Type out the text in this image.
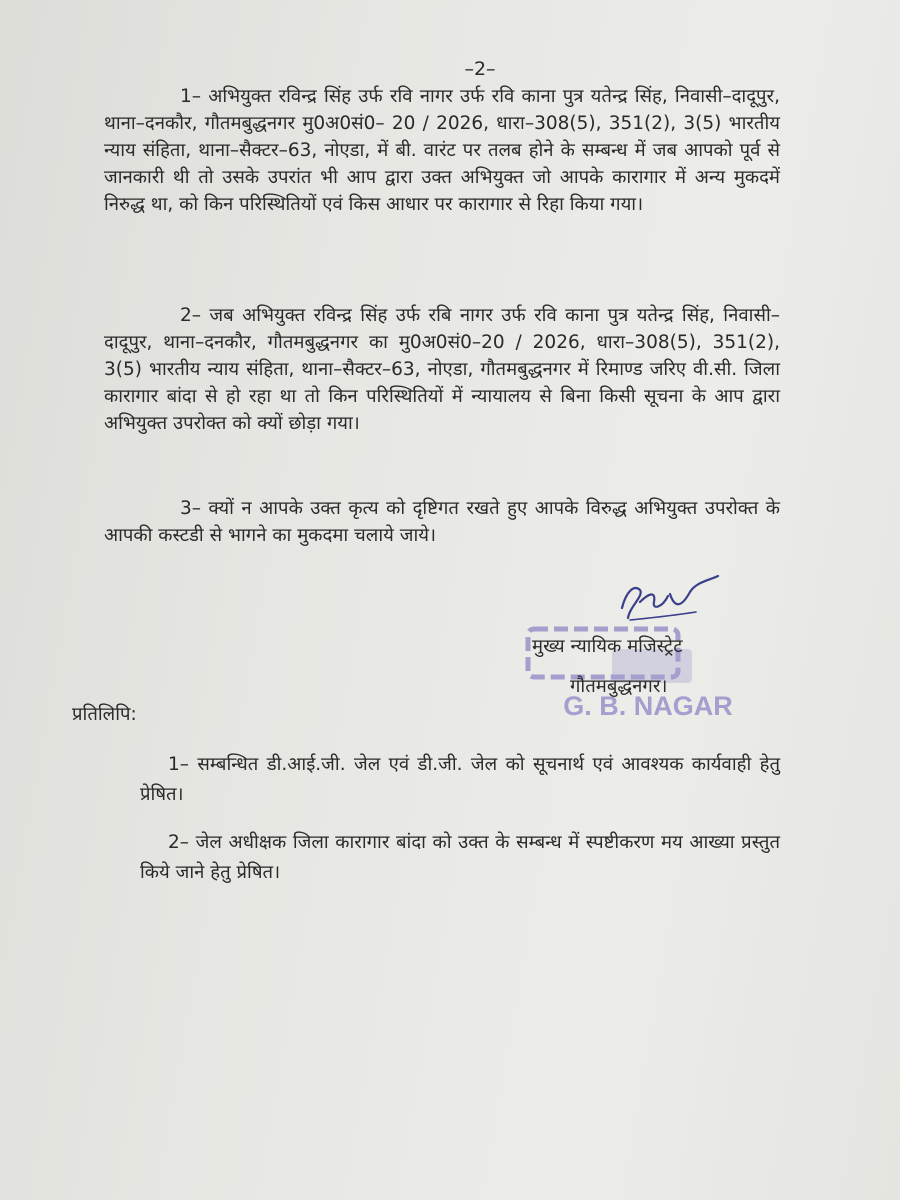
–2–

1– अभियुक्त रविन्द्र सिंह उर्फ रवि नागर उर्फ रवि काना पुत्र यतेन्द्र सिंह, निवासी–दादूपुर, थाना–दनकौर, गौतमबुद्धनगर मु0अ0सं0– 20 / 2026, धारा–308(5), 351(2), 3(5) भारतीय न्याय संहिता, थाना–सैक्टर–63, नोएडा, में बी. वारंट पर तलब होने के सम्बन्ध में जब आपको पूर्व से जानकारी थी तो उसके उपरांत भी आप द्वारा उक्त अभियुक्त जो आपके कारागार में अन्य मुकदमें निरुद्ध था, को किन परिस्थितियों एवं किस आधार पर कारागार से रिहा किया गया।

2– जब अभियुक्त रविन्द्र सिंह उर्फ रबि नागर उर्फ रवि काना पुत्र यतेन्द्र सिंह, निवासी–दादूपुर, थाना–दनकौर, गौतमबुद्धनगर का मु0अ0सं0–20 / 2026, धारा–308(5), 351(2), 3(5) भारतीय न्याय संहिता, थाना–सैक्टर–63, नोएडा, गौतमबुद्धनगर में रिमाण्ड जरिए वी.सी. जिला कारागार बांदा से हो रहा था तो किन परिस्थितियों में न्यायालय से बिना किसी सूचना के आप द्वारा अभियुक्त उपरोक्त को क्यों छोड़ा गया।

3– क्यों न आपके उक्त कृत्य को दृष्टिगत रखते हुए आपके विरुद्ध अभियुक्त उपरोक्त के आपकी कस्टडी से भागने का मुकदमा चलाये जाये।

G. B. NAGAR
मुख्य न्यायिक मजिस्ट्रेट
गौतमबुद्धनगर।
प्रतिलिपि:

1– सम्बन्धित डी.आई.जी. जेल एवं डी.जी. जेल को सूचनार्थ एवं आवश्यक कार्यवाही हेतु प्रेषित।

2– जेल अधीक्षक जिला कारागार बांदा को उक्त के सम्बन्ध में स्पष्टीकरण मय आख्या प्रस्तुत किये जाने हेतु प्रेषित।
